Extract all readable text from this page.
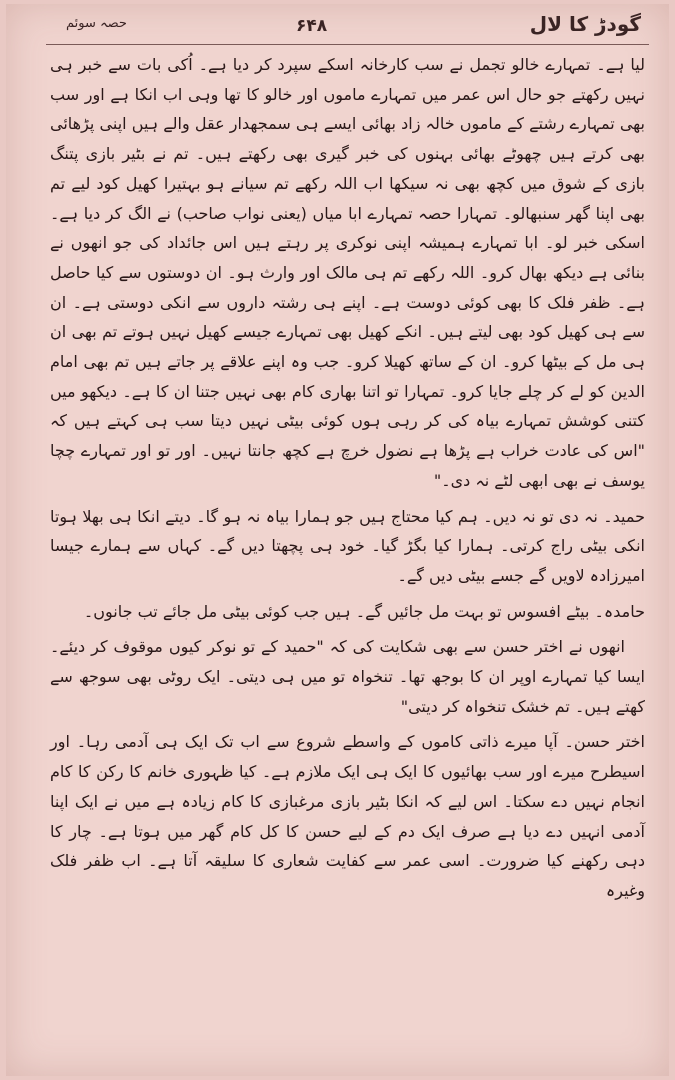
حصہ سوئم	۶۴۸	گودڑ کا لال

لیا ہے۔ تمہارے خالو تجمل نے سب کارخانہ اسکے سپرد کر دیا ہے۔ اُکی بات سے خبر ہی نہیں رکھتے جو حال اس عمر میں تمہارے ماموں اور خالو کا تھا وہی اب انکا ہے اور سب بھی تمہارے رشتے کے ماموں خالہ زاد بھائی ایسے ہی سمجھدار عقل والے ہیں اپنی پڑھائی بھی کرتے ہیں چھوٹے بھائی بہنوں کی خبر گیری بھی رکھتے ہیں۔ تم نے بٹیر بازی پتنگ بازی کے شوق میں کچھ بھی نہ سیکھا اب اللہ رکھے تم سیانے ہو بہتیرا کھیل کود لیے تم بھی اپنا گھر سنبھالو۔ تمہارا حصہ تمہارے ابا میاں (یعنی نواب صاحب) نے الگ کر دیا ہے۔ اسکی خبر لو۔ ابا تمہارے ہمیشہ اپنی نوکری پر رہتے ہیں اس جائداد کی جو انھوں نے بنائی ہے دیکھ بھال کرو۔ اللہ رکھے تم ہی مالک اور وارث ہو۔ ان دوستوں سے کیا حاصل ہے۔ ظفر فلک کا بھی کوئی دوست ہے۔ اپنے ہی رشتہ داروں سے انکی دوستی ہے۔ ان سے ہی کھیل کود بھی لیتے ہیں۔ انکے کھیل بھی تمہارے جیسے کھیل نہیں ہوتے تم بھی ان ہی مل کے بیٹھا کرو۔ ان کے ساتھ کھیلا کرو۔ جب وہ اپنے علاقے پر جاتے ہیں تم بھی امام الدین کو لے کر چلے جایا کرو۔ تمہارا تو اتنا بھاری کام بھی نہیں جتنا ان کا ہے۔ دیکھو میں کتنی کوشش تمہارے بیاہ کی کر رہی ہوں کوئی بیٹی نہیں دیتا سب ہی کہتے ہیں کہ "اس کی عادت خراب ہے پڑھا ہے نضول خرچ ہے کچھ جانتا نہیں۔ اور تو اور تمہارے چچا یوسف نے بھی ابھی لٹے نہ دی۔"

حمید۔ نہ دی تو نہ دیں۔ ہم کیا محتاج ہیں جو ہمارا بیاہ نہ ہو گا۔ دیتے انکا ہی بھلا ہوتا انکی بیٹی راج کرتی۔ ہمارا کیا بگڑ گیا۔ خود ہی پچھتا دیں گے۔ کہاں سے ہمارے جیسا امیرزادہ لاویں گے جسے بیٹی دیں گے۔

حامدہ۔ بیٹے افسوس تو بہت مل جائیں گے۔ ہیں جب کوئی بیٹی مل جائے تب جانوں۔

انھوں نے اختر حسن سے بھی شکایت کی کہ "حمید کے تو نوکر کیوں موقوف کر دیئے۔ ایسا کیا تمہارے اوپر ان کا بوجھ تھا۔ تنخواہ تو میں ہی دیتی۔ ایک روٹی بھی سوجھ سے کھتے ہیں۔ تم خشک تنخواہ کر دیتی"

اختر حسن۔ آپا میرے ذاتی کاموں کے واسطے شروع سے اب تک ایک ہی آدمی رہا۔ اور اسیطرح میرے اور سب بھائیوں کا ایک ہی ایک ملازم ہے۔ کیا ظہوری خانم کا رکن کا کام انجام نہیں دے سکتا۔ اس لیے کہ انکا بٹیر بازی مرغبازی کا کام زیادہ ہے میں نے ایک اپنا آدمی انہیں دے دیا ہے صرف ایک دم کے لیے حسن کا کل کام گھر میں ہوتا ہے۔ چار کا دہی رکھنے کیا ضرورت۔ اسی عمر سے کفایت شعاری کا سلیقہ آتا ہے۔ اب ظفر فلک وغیرہ
